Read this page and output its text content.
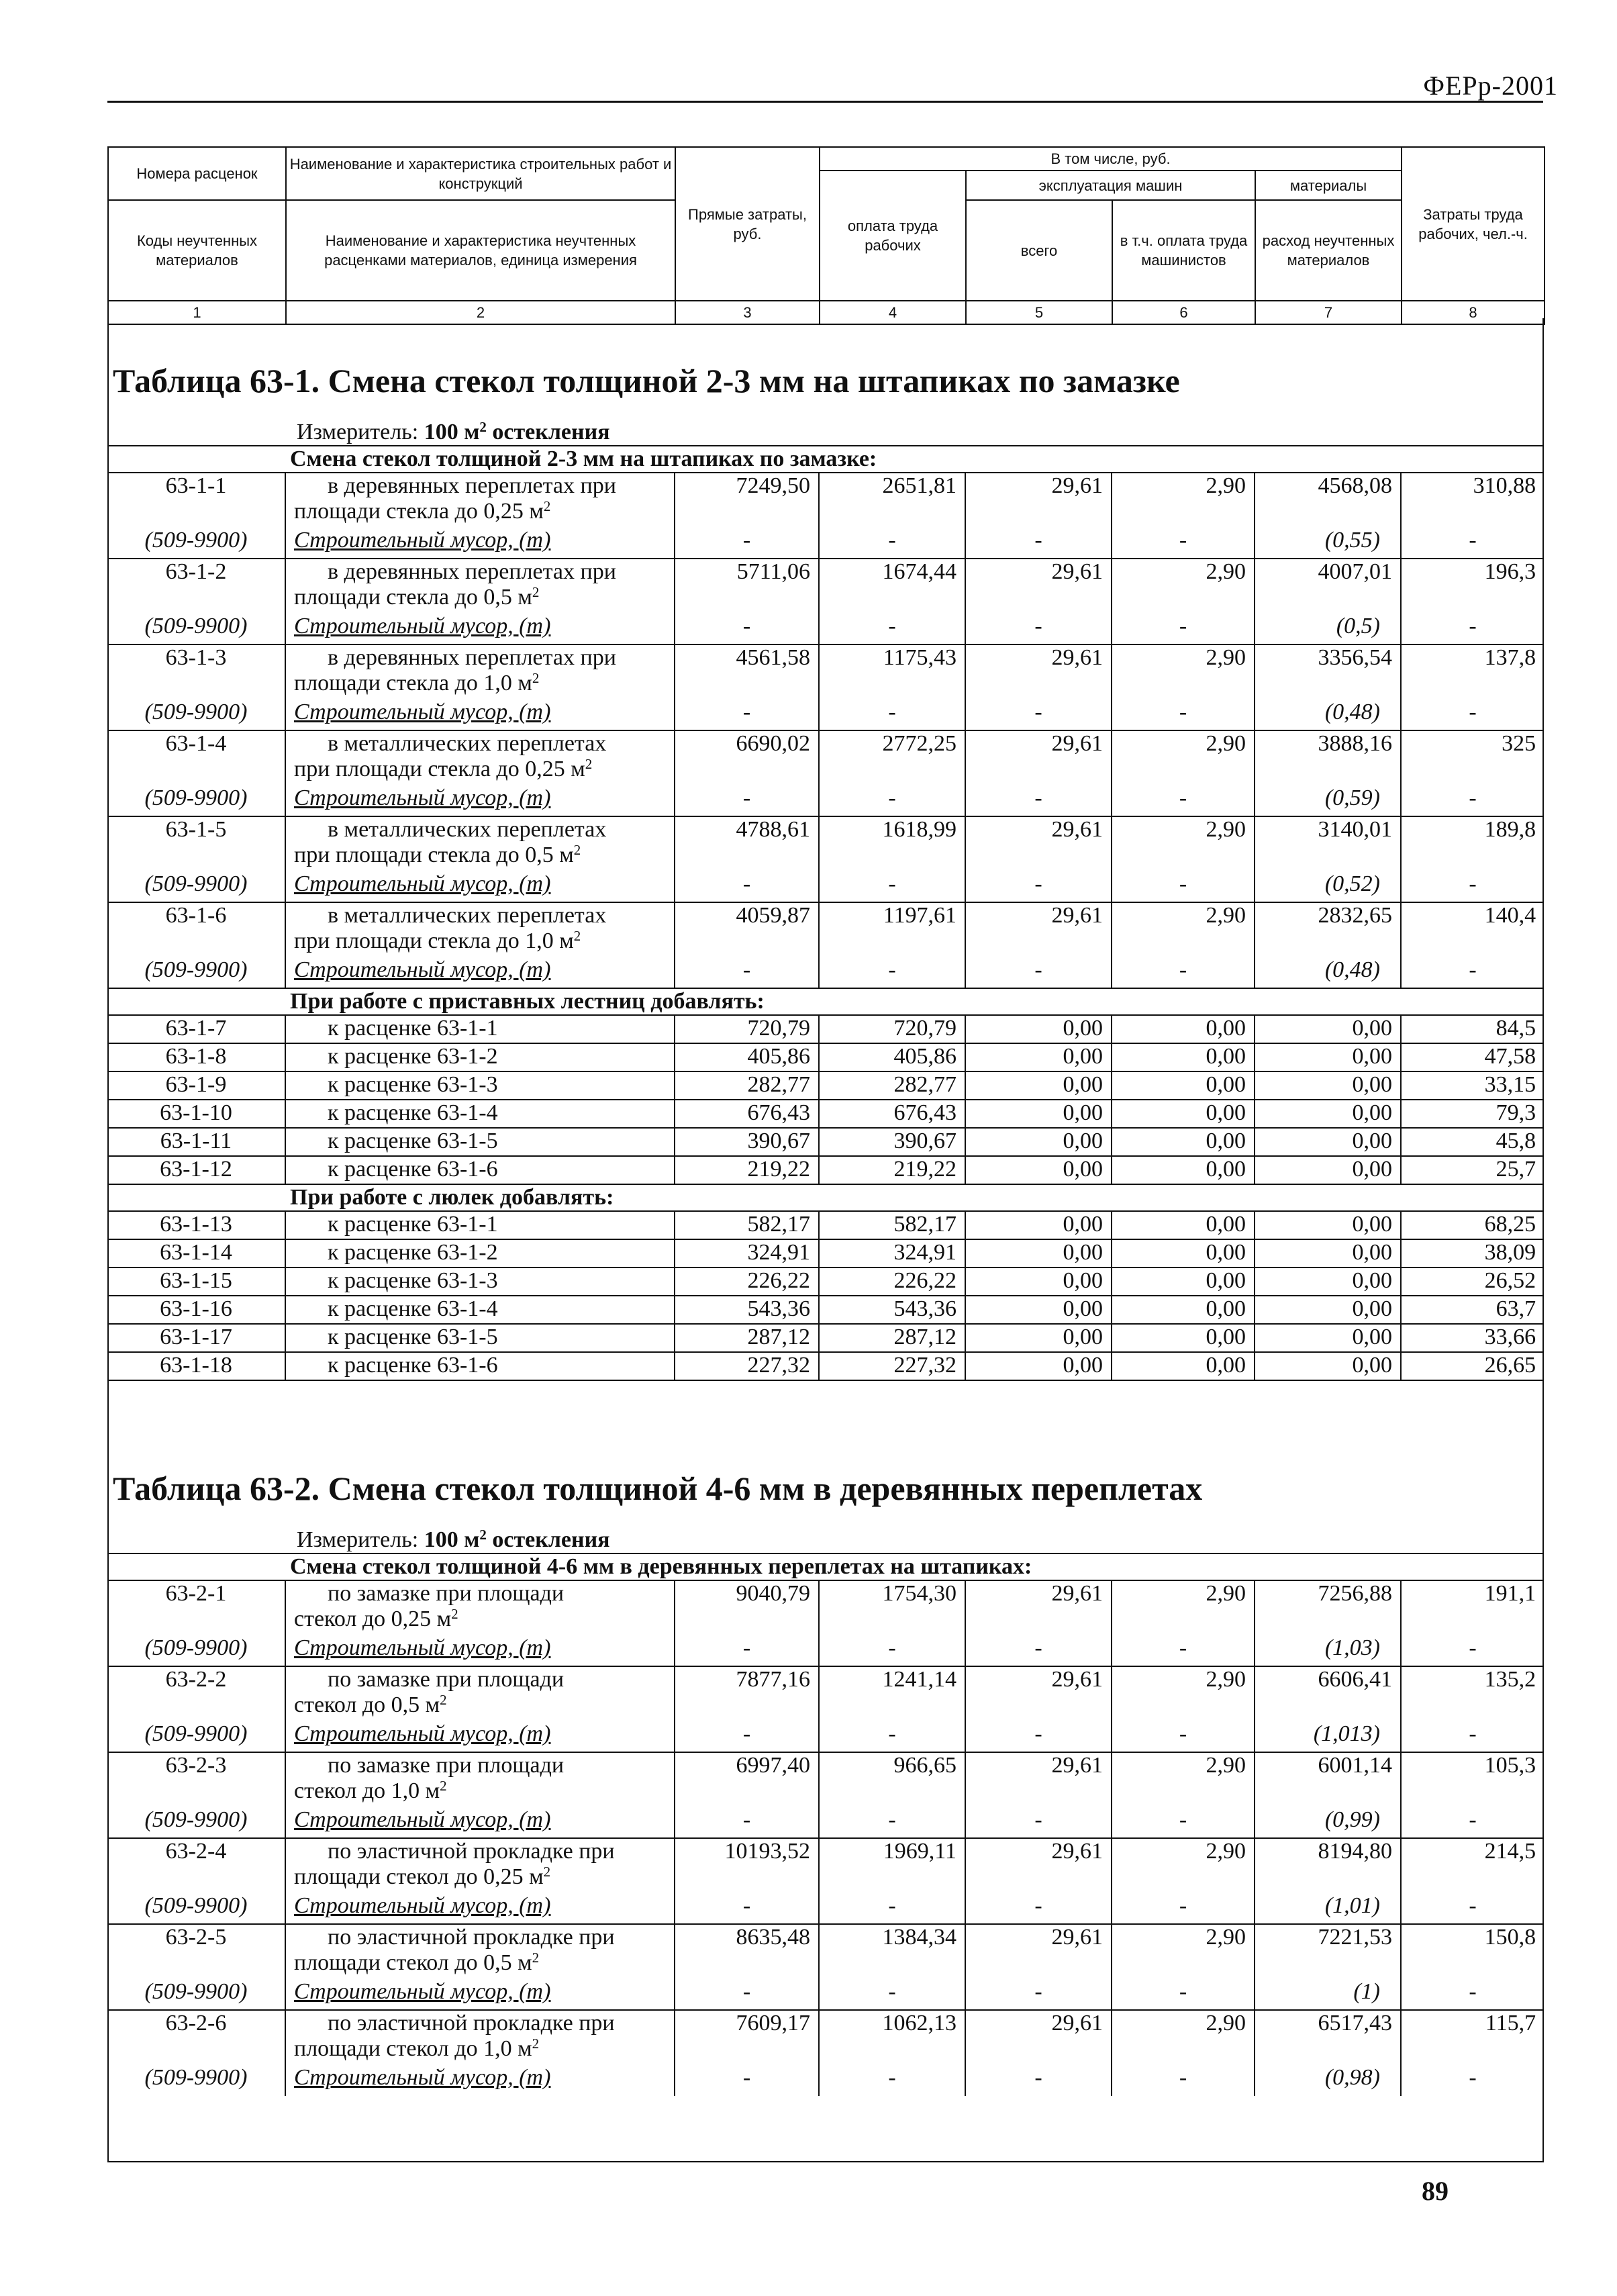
ФЕРр-2001
Номера расценок	Наименование и характеристика строительных работ и конструкций	Прямые затраты, руб.	В том числе, руб.				Затраты труда рабочих, чел.-ч.
			оплата труда рабочих	эксплуатация машин		материалы	
Коды неучтенных материалов	Наименование и характеристика неучтенных расценками материалов, единица измерения			всего	в т.ч. оплата труда машинистов	расход неучтенных материалов	

1	2	3	4	5	6	7	8
Таблица 63-1. Смена стекол толщиной 2-3 мм на штапиках по замазке
Таблица 63-2. Смена стекол толщиной 4-6 мм в деревянных переплетах
Измеритель: 100 $м^2$ остекления							
Смена стекол толщиной 2-3 мм на штапиках по замазке:							
63-1-1	в деревянных переплетах при
площади стекла до 0,25 $м^2$	7249,50	2651,81	29,61	2,90	4568,08	310,88
(509-9900)	Строительный мусор, (т)	-	-	-	-	(0,55)	-
63-1-2	в деревянных переплетах при
площади стекла до 0,5 $м^2$	5711,06	1674,44	29,61	2,90	4007,01	196,3
(509-9900)	Строительный мусор, (т)	-	-	-	-	(0,5)	-
63-1-3	в деревянных переплетах при
площади стекла до 1,0 $м^2$	4561,58	1175,43	29,61	2,90	3356,54	137,8
(509-9900)	Строительный мусор, (т)	-	-	-	-	(0,48)	-
63-1-4	в металлических переплетах
при площади стекла до 0,25 $м^2$	6690,02	2772,25	29,61	2,90	3888,16	325
(509-9900)	Строительный мусор, (т)	-	-	-	-	(0,59)	-
63-1-5	в металлических переплетах
при площади стекла до 0,5 $м^2$	4788,61	1618,99	29,61	2,90	3140,01	189,8
(509-9900)	Строительный мусор, (т)	-	-	-	-	(0,52)	-
63-1-6	в металлических переплетах
при площади стекла до 1,0 $м^2$	4059,87	1197,61	29,61	2,90	2832,65	140,4
(509-9900)	Строительный мусор, (т)	-	-	-	-	(0,48)	-
При работе с приставных лестниц добавлять:							
63-1-7	к расценке 63-1-1	720,79	720,79	0,00	0,00	0,00	84,5
63-1-8	к расценке 63-1-2	405,86	405,86	0,00	0,00	0,00	47,58
63-1-9	к расценке 63-1-3	282,77	282,77	0,00	0,00	0,00	33,15
63-1-10	к расценке 63-1-4	676,43	676,43	0,00	0,00	0,00	79,3
63-1-11	к расценке 63-1-5	390,67	390,67	0,00	0,00	0,00	45,8
63-1-12	к расценке 63-1-6	219,22	219,22	0,00	0,00	0,00	25,7
При работе с люлек добавлять:							
63-1-13	к расценке 63-1-1	582,17	582,17	0,00	0,00	0,00	68,25
63-1-14	к расценке 63-1-2	324,91	324,91	0,00	0,00	0,00	38,09
63-1-15	к расценке 63-1-3	226,22	226,22	0,00	0,00	0,00	26,52
63-1-16	к расценке 63-1-4	543,36	543,36	0,00	0,00	0,00	63,7
63-1-17	к расценке 63-1-5	287,12	287,12	0,00	0,00	0,00	33,66
63-1-18	к расценке 63-1-6	227,32	227,32	0,00	0,00	0,00	26,65
Измеритель: 100 $м^2$ остекления							
Смена стекол толщиной 4-6 мм в деревянных переплетах на штапиках:							
63-2-1	по замазке при площади
стекол до 0,25 $м^2$	9040,79	1754,30	29,61	2,90	7256,88	191,1
(509-9900)	Строительный мусор, (т)	-	-	-	-	(1,03)	-
63-2-2	по замазке при площади
стекол до 0,5 $м^2$	7877,16	1241,14	29,61	2,90	6606,41	135,2
(509-9900)	Строительный мусор, (т)	-	-	-	-	(1,013)	-
63-2-3	по замазке при площади
стекол до 1,0 $м^2$	6997,40	966,65	29,61	2,90	6001,14	105,3
(509-9900)	Строительный мусор, (т)	-	-	-	-	(0,99)	-
63-2-4	по эластичной прокладке при
площади стекол до 0,25 $м^2$	10193,52	1969,11	29,61	2,90	8194,80	214,5
(509-9900)	Строительный мусор, (т)	-	-	-	-	(1,01)	-
63-2-5	по эластичной прокладке при
площади стекол до 0,5 $м^2$	8635,48	1384,34	29,61	2,90	7221,53	150,8
(509-9900)	Строительный мусор, (т)	-	-	-	-	(1)	-
63-2-6	по эластичной прокладке при
площади стекол до 1,0 $м^2$	7609,17	1062,13	29,61	2,90	6517,43	115,7
(509-9900)	Строительный мусор, (т)	-	-	-	-	(0,98)	-
89
